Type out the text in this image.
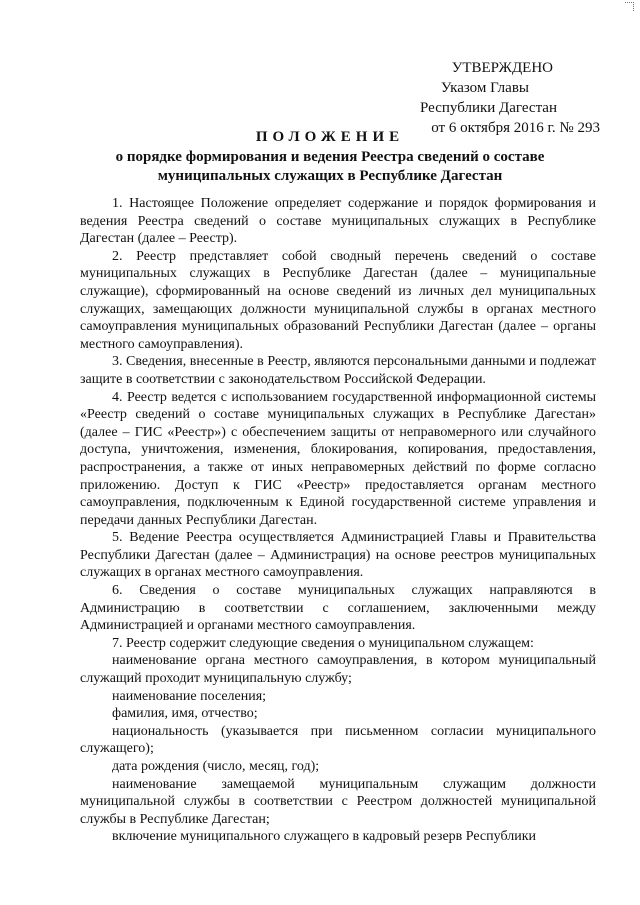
УТВЕРЖДЕНО
Указом Главы
Республики Дагестан
от 6 октября 2016 г. № 293
ПОЛОЖЕНИЕ
о порядке формирования и ведения Реестра сведений о составе
муниципальных служащих в Республике Дагестан

1. Настоящее Положение определяет содержание и порядок формирования и ведения Реестра сведений о составе муниципальных служащих в Республике Дагестан (далее – Реестр).

2. Реестр представляет собой сводный перечень сведений о составе муниципальных служащих в Республике Дагестан (далее – муниципальные служащие), сформированный на основе сведений из личных дел муниципальных служащих, замещающих должности муниципальной службы в органах местного самоуправления муниципальных образований Республики Дагестан (далее – органы местного самоуправления).

3. Сведения, внесенные в Реестр, являются персональными данными и подлежат защите в соответствии с законодательством Российской Федерации.

4. Реестр ведется с использованием государственной информационной системы «Реестр сведений о составе муниципальных служащих в Республике Дагестан» (далее – ГИС «Реестр») с обеспечением защиты от неправомерного или случайного доступа, уничтожения, изменения, блокирования, копирования, предоставления, распространения, а также от иных неправомерных действий по форме согласно приложению. Доступ к ГИС «Реестр» предоставляется органам местного самоуправления, подключенным к Единой государственной системе управления и передачи данных Республики Дагестан.

5. Ведение Реестра осуществляется Администрацией Главы и Правительства Республики Дагестан (далее – Администрация) на основе реестров муниципальных служащих в органах местного самоуправления.

6. Сведения о составе муниципальных служащих направляются в Администрацию в соответствии с соглашением, заключенными между Администрацией и органами местного самоуправления.

7. Реестр содержит следующие сведения о муниципальном служащем:

наименование органа местного самоуправления, в котором муниципальный служащий проходит муниципальную службу;

наименование поселения;

фамилия, имя, отчество;

национальность (указывается при письменном согласии муниципального служащего);

дата рождения (число, месяц, год);

наименование замещаемой муниципальным служащим должности муниципальной службы в соответствии с Реестром должностей муниципальной службы в Республике Дагестан;

включение муниципального служащего в кадровый резерв Республики
